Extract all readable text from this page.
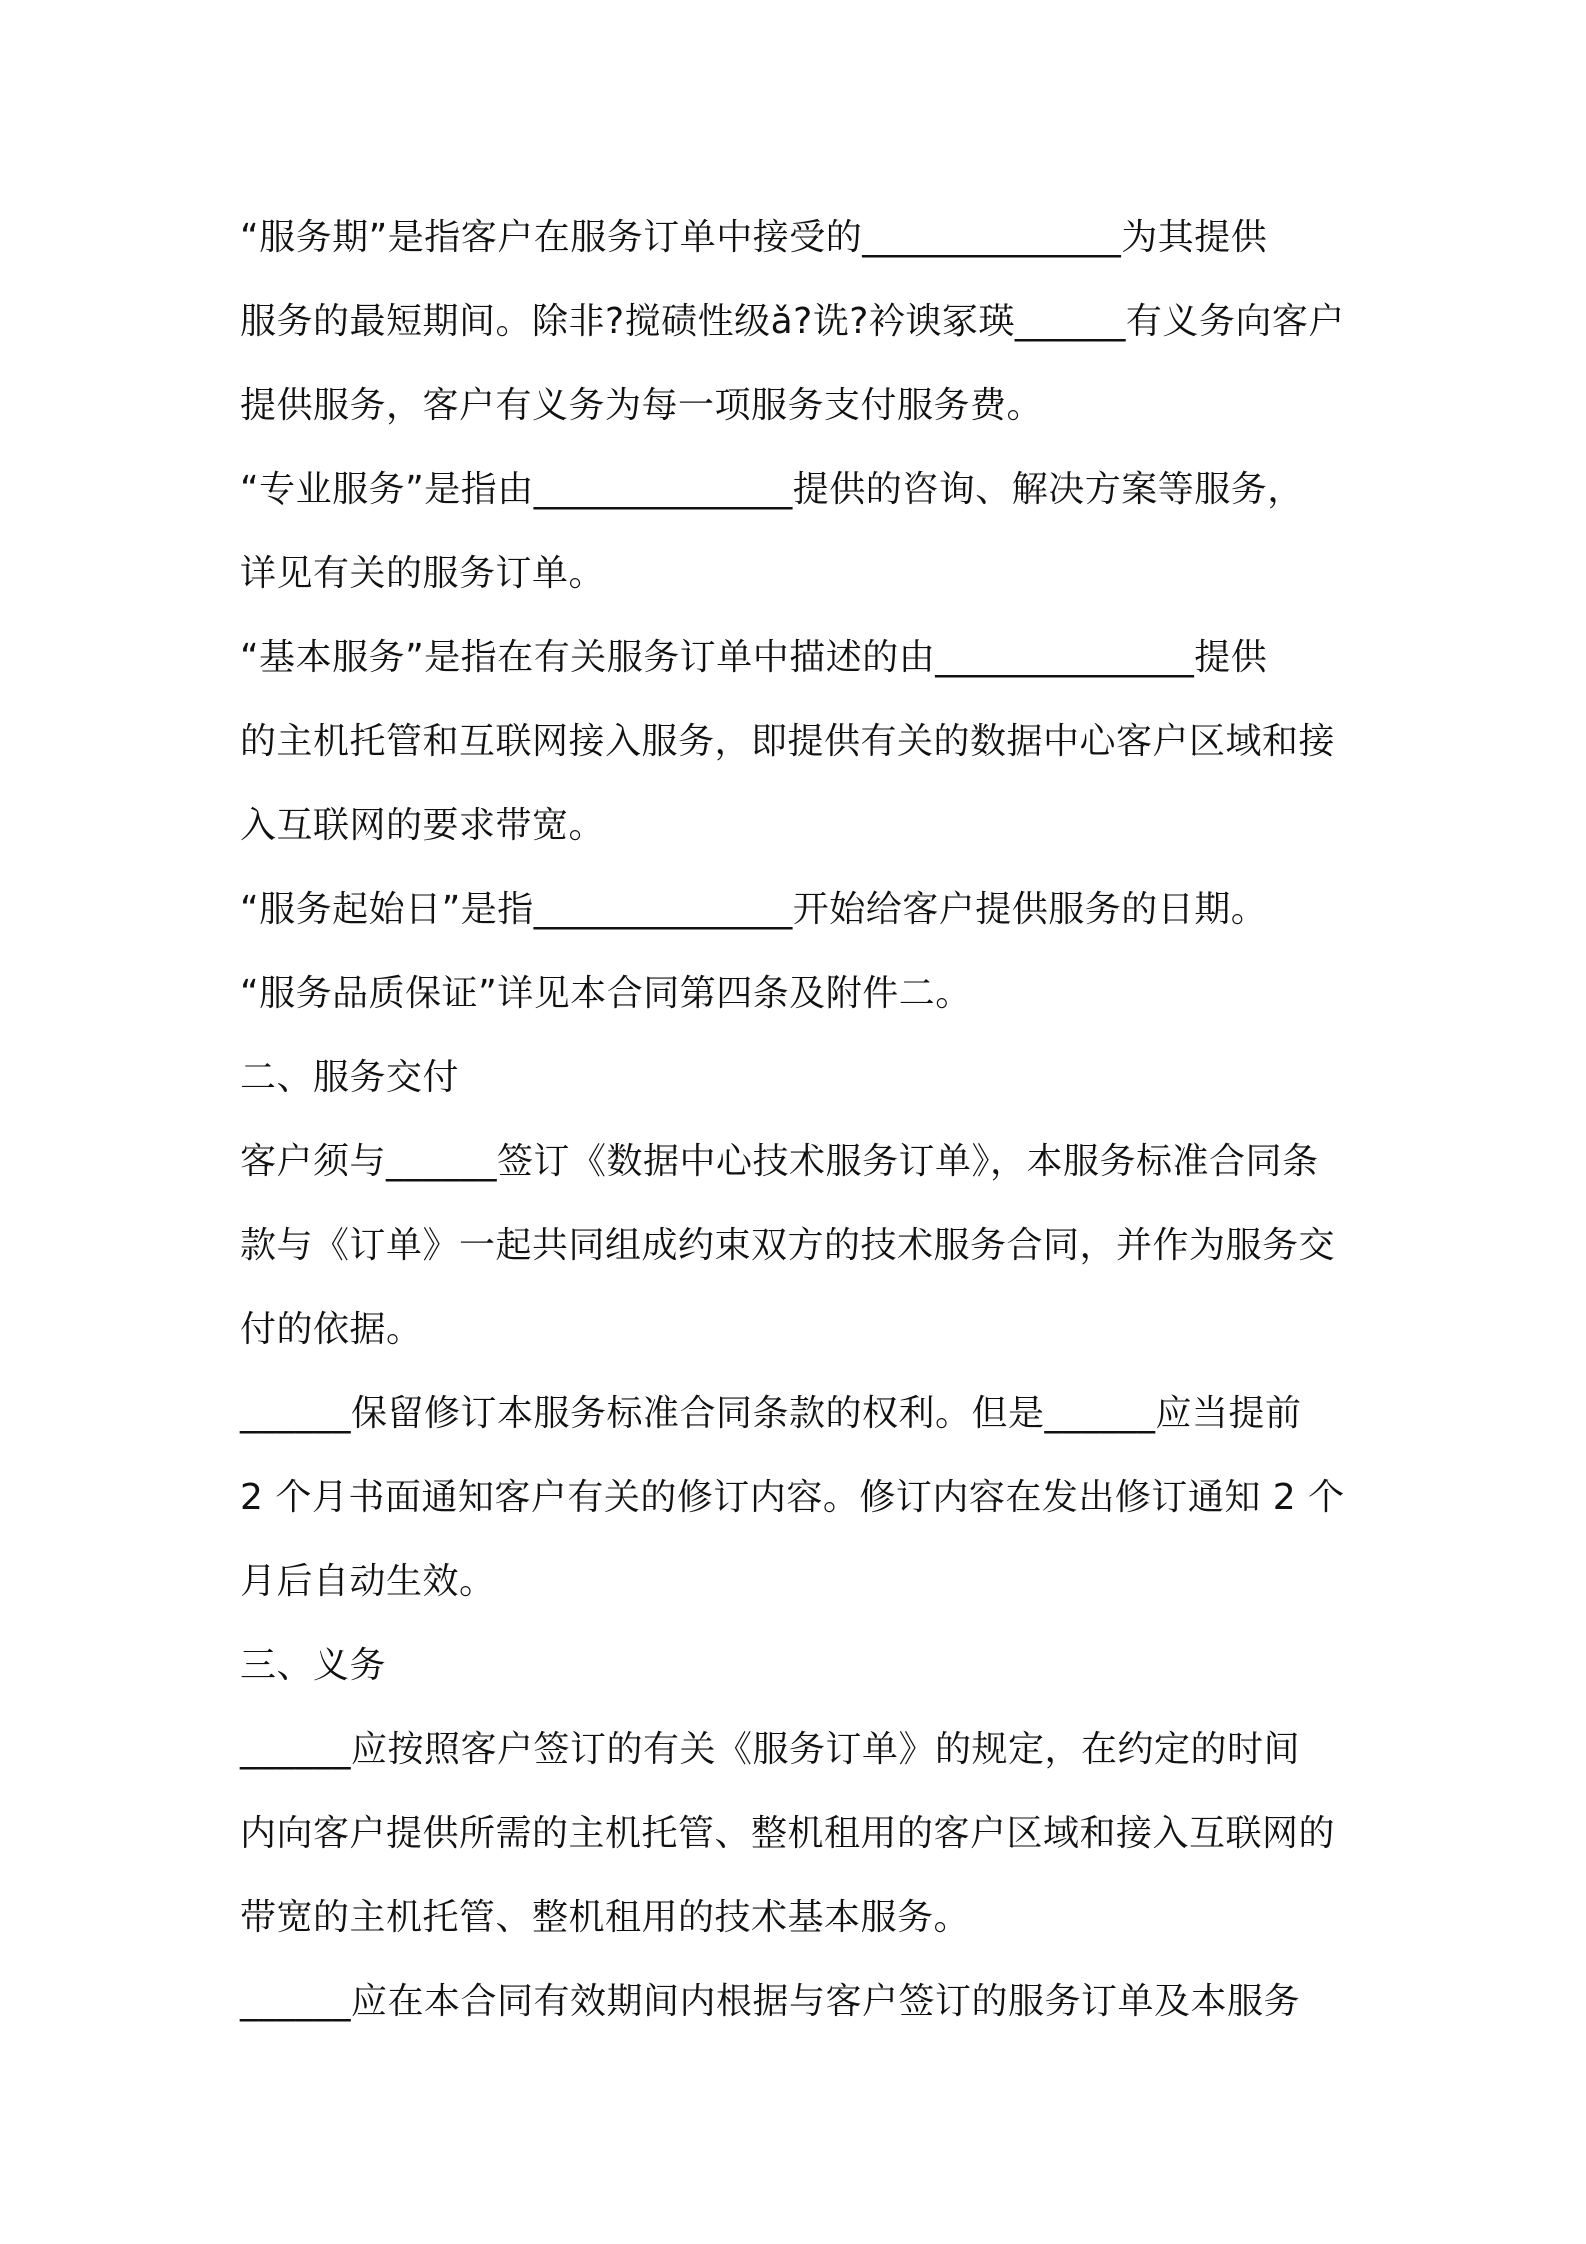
“服务期”是指客户在服务订单中接受的______________为其提供
服务的最短期间。除非?搅碛性级ǎ?诜?衿谀冢瑛______有义务向客户
提供服务，客户有义务为每一项服务支付服务费。
“专业服务”是指由______________提供的咨询、解决方案等服务，
详见有关的服务订单。
“基本服务”是指在有关服务订单中描述的由______________提供
的主机托管和互联网接入服务，即提供有关的数据中心客户区域和接
入互联网的要求带宽。
“服务起始日”是指______________开始给客户提供服务的日期。
“服务品质保证”详见本合同第四条及附件二。
二、服务交付
客户须与______签订《数据中心技术服务订单》，本服务标准合同条
款与《订单》一起共同组成约束双方的技术服务合同，并作为服务交
付的依据。
______保留修订本服务标准合同条款的权利。但是______应当提前
2 个月书面通知客户有关的修订内容。修订内容在发出修订通知 2 个
月后自动生效。
三、义务
______应按照客户签订的有关《服务订单》的规定，在约定的时间
内向客户提供所需的主机托管、整机租用的客户区域和接入互联网的
带宽的主机托管、整机租用的技术基本服务。
______应在本合同有效期间内根据与客户签订的服务订单及本服务
